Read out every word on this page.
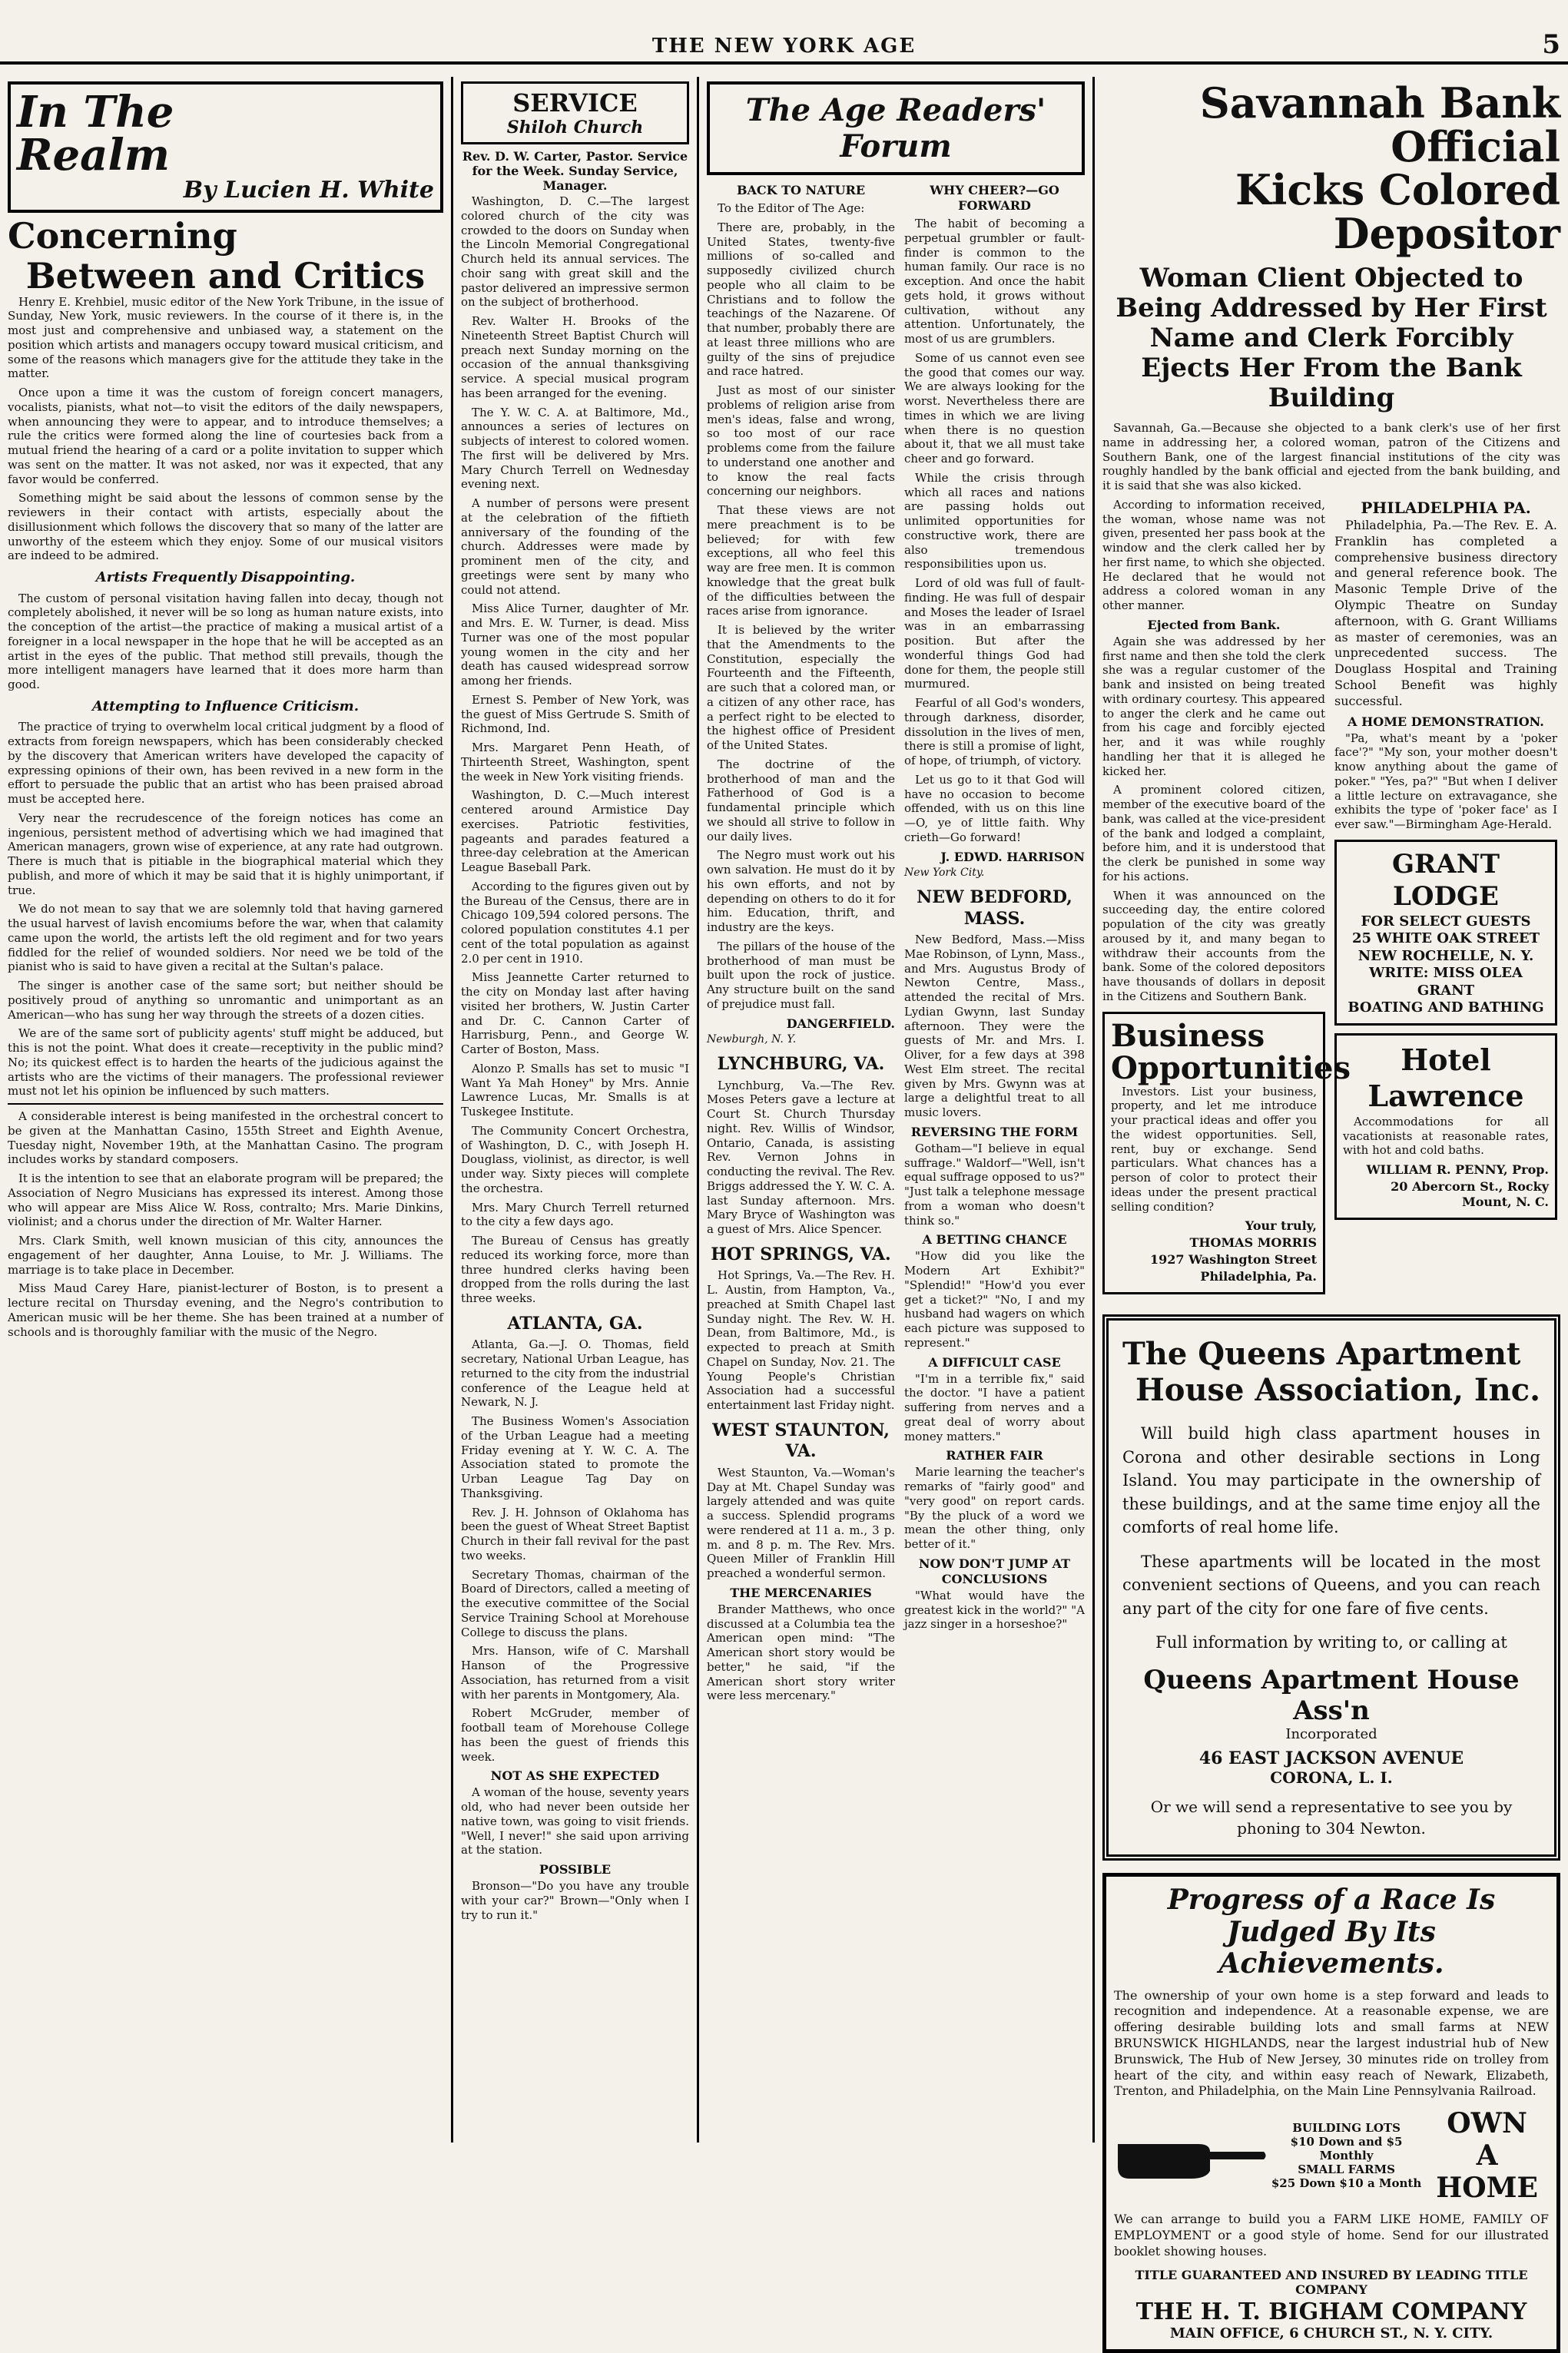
THE NEW YORK AGE	5
In The
Realm
By Lucien H. White
Concerning
Between and Critics

Henry E. Krehbiel, music editor of the New York Tribune, in the issue of Sunday, New York, music reviewers. In the course of it there is, in the most just and comprehensive and unbiased way, a statement on the position which artists and managers occupy toward musical criticism, and some of the reasons which managers give for the attitude they take in the matter.

Once upon a time it was the custom of foreign concert managers, vocalists, pianists, what not—to visit the editors of the daily newspapers, when announcing they were to appear, and to introduce themselves; a rule the critics were formed along the line of courtesies back from a mutual friend the hearing of a card or a polite invitation to supper which was sent on the matter. It was not asked, nor was it expected, that any favor would be conferred.

Something might be said about the lessons of common sense by the reviewers in their contact with artists, especially about the disillusionment which follows the discovery that so many of the latter are unworthy of the esteem which they enjoy. Some of our musical visitors are indeed to be admired.

Artists Frequently Disappointing.

The custom of personal visitation having fallen into decay, though not completely abolished, it never will be so long as human nature exists, into the conception of the artist—the practice of making a musical artist of a foreigner in a local newspaper in the hope that he will be accepted as an artist in the eyes of the public. That method still prevails, though the more intelligent managers have learned that it does more harm than good.

Attempting to Influence Criticism.

The practice of trying to overwhelm local critical judgment by a flood of extracts from foreign newspapers, which has been considerably checked by the discovery that American writers have developed the capacity of expressing opinions of their own, has been revived in a new form in the effort to persuade the public that an artist who has been praised abroad must be accepted here.

Very near the recrudescence of the foreign notices has come an ingenious, persistent method of advertising which we had imagined that American managers, grown wise of experience, at any rate had outgrown. There is much that is pitiable in the biographical material which they publish, and more of which it may be said that it is highly unimportant, if true.

We do not mean to say that we are solemnly told that having garnered the usual harvest of lavish encomiums before the war, when that calamity came upon the world, the artists left the old regiment and for two years fiddled for the relief of wounded soldiers. Nor need we be told of the pianist who is said to have given a recital at the Sultan's palace.

The singer is another case of the same sort; but neither should be positively proud of anything so unromantic and unimportant as an American—who has sung her way through the streets of a dozen cities.

We are of the same sort of publicity agents' stuff might be adduced, but this is not the point. What does it create—receptivity in the public mind? No; its quickest effect is to harden the hearts of the judicious against the artists who are the victims of their managers. The professional reviewer must not let his opinion be influenced by such matters.

A considerable interest is being manifested in the orchestral concert to be given at the Manhattan Casino, 155th Street and Eighth Avenue, Tuesday night, November 19th, at the Manhattan Casino. The program includes works by standard composers.

It is the intention to see that an elaborate program will be prepared; the Association of Negro Musicians has expressed its interest. Among those who will appear are Miss Alice W. Ross, contralto; Mrs. Marie Dinkins, violinist; and a chorus under the direction of Mr. Walter Harner.

Mrs. Clark Smith, well known musician of this city, announces the engagement of her daughter, Anna Louise, to Mr. J. Williams. The marriage is to take place in December.

Miss Maud Carey Hare, pianist-lecturer of Boston, is to present a lecture recital on Thursday evening, and the Negro's contribution to American music will be her theme. She has been trained at a number of schools and is thoroughly familiar with the music of the Negro.

SERVICE
Shiloh Church
Rev. D. W. Carter, Pastor. Service for the Week. Sunday Service, Manager.

Washington, D. C.—The largest colored church of the city was crowded to the doors on Sunday when the Lincoln Memorial Congregational Church held its annual services. The choir sang with great skill and the pastor delivered an impressive sermon on the subject of brotherhood.

Rev. Walter H. Brooks of the Nineteenth Street Baptist Church will preach next Sunday morning on the occasion of the annual thanksgiving service. A special musical program has been arranged for the evening.

The Y. W. C. A. at Baltimore, Md., announces a series of lectures on subjects of interest to colored women. The first will be delivered by Mrs. Mary Church Terrell on Wednesday evening next.

A number of persons were present at the celebration of the fiftieth anniversary of the founding of the church. Addresses were made by prominent men of the city, and greetings were sent by many who could not attend.

Miss Alice Turner, daughter of Mr. and Mrs. E. W. Turner, is dead. Miss Turner was one of the most popular young women in the city and her death has caused widespread sorrow among her friends.

Ernest S. Pember of New York, was the guest of Miss Gertrude S. Smith of Richmond, Ind.

Mrs. Margaret Penn Heath, of Thirteenth Street, Washington, spent the week in New York visiting friends.

Washington, D. C.—Much interest centered around Armistice Day exercises. Patriotic festivities, pageants and parades featured a three-day celebration at the American League Baseball Park.

According to the figures given out by the Bureau of the Census, there are in Chicago 109,594 colored persons. The colored population constitutes 4.1 per cent of the total population as against 2.0 per cent in 1910.

Miss Jeannette Carter returned to the city on Monday last after having visited her brothers, W. Justin Carter and Dr. C. Cannon Carter of Harrisburg, Penn., and George W. Carter of Boston, Mass.

Alonzo P. Smalls has set to music "I Want Ya Mah Honey" by Mrs. Annie Lawrence Lucas, Mr. Smalls is at Tuskegee Institute.

The Community Concert Orchestra, of Washington, D. C., with Joseph H. Douglass, violinist, as director, is well under way. Sixty pieces will complete the orchestra.

Mrs. Mary Church Terrell returned to the city a few days ago.

The Bureau of Census has greatly reduced its working force, more than three hundred clerks having been dropped from the rolls during the last three weeks.

ATLANTA, GA.

Atlanta, Ga.—J. O. Thomas, field secretary, National Urban League, has returned to the city from the industrial conference of the League held at Newark, N. J.

The Business Women's Association of the Urban League had a meeting Friday evening at Y. W. C. A. The Association stated to promote the Urban League Tag Day on Thanksgiving.

Rev. J. H. Johnson of Oklahoma has been the guest of Wheat Street Baptist Church in their fall revival for the past two weeks.

Secretary Thomas, chairman of the Board of Directors, called a meeting of the executive committee of the Social Service Training School at Morehouse College to discuss the plans.

Mrs. Hanson, wife of C. Marshall Hanson of the Progressive Association, has returned from a visit with her parents in Montgomery, Ala.

Robert McGruder, member of football team of Morehouse College has been the guest of friends this week.

NOT AS SHE EXPECTED

A woman of the house, seventy years old, who had never been outside her native town, was going to visit friends. "Well, I never!" she said upon arriving at the station.

POSSIBLE

Bronson—"Do you have any trouble with your car?" Brown—"Only when I try to run it."

The Age Readers' Forum
BACK TO NATURE

To the Editor of The Age:

There are, probably, in the United States, twenty-five millions of so-called and supposedly civilized church people who all claim to be Christians and to follow the teachings of the Nazarene. Of that number, probably there are at least three millions who are guilty of the sins of prejudice and race hatred.

Just as most of our sinister problems of religion arise from men's ideas, false and wrong, so too most of our race problems come from the failure to understand one another and to know the real facts concerning our neighbors.

That these views are not mere preachment is to be believed; for with few exceptions, all who feel this way are free men. It is common knowledge that the great bulk of the difficulties between the races arise from ignorance.

It is believed by the writer that the Amendments to the Constitution, especially the Fourteenth and the Fifteenth, are such that a colored man, or a citizen of any other race, has a perfect right to be elected to the highest office of President of the United States.

The doctrine of the brotherhood of man and the Fatherhood of God is a fundamental principle which we should all strive to follow in our daily lives.

The Negro must work out his own salvation. He must do it by his own efforts, and not by depending on others to do it for him. Education, thrift, and industry are the keys.

The pillars of the house of the brotherhood of man must be built upon the rock of justice. Any structure built on the sand of prejudice must fall.

DANGERFIELD.
Newburgh, N. Y.
LYNCHBURG, VA.

Lynchburg, Va.—The Rev. Moses Peters gave a lecture at Court St. Church Thursday night. Rev. Willis of Windsor, Ontario, Canada, is assisting Rev. Vernon Johns in conducting the revival. The Rev. Briggs addressed the Y. W. C. A. last Sunday afternoon. Mrs. Mary Bryce of Washington was a guest of Mrs. Alice Spencer.

HOT SPRINGS, VA.

Hot Springs, Va.—The Rev. H. L. Austin, from Hampton, Va., preached at Smith Chapel last Sunday night. The Rev. W. H. Dean, from Baltimore, Md., is expected to preach at Smith Chapel on Sunday, Nov. 21. The Young People's Christian Association had a successful entertainment last Friday night.

WEST STAUNTON, VA.

West Staunton, Va.—Woman's Day at Mt. Chapel Sunday was largely attended and was quite a success. Splendid programs were rendered at 11 a. m., 3 p. m. and 8 p. m. The Rev. Mrs. Queen Miller of Franklin Hill preached a wonderful sermon.

THE MERCENARIES

Brander Matthews, who once discussed at a Columbia tea the American open mind: "The American short story would be better," he said, "if the American short story writer were less mercenary."

WHY CHEER?—GO FORWARD

The habit of becoming a perpetual grumbler or fault-finder is common to the human family. Our race is no exception. And once the habit gets hold, it grows without cultivation, without any attention. Unfortunately, the most of us are grumblers.

Some of us cannot even see the good that comes our way. We are always looking for the worst. Nevertheless there are times in which we are living when there is no question about it, that we all must take cheer and go forward.

While the crisis through which all races and nations are passing holds out unlimited opportunities for constructive work, there are also tremendous responsibilities upon us.

Lord of old was full of fault-finding. He was full of despair and Moses the leader of Israel was in an embarrassing position. But after the wonderful things God had done for them, the people still murmured.

Fearful of all God's wonders, through darkness, disorder, dissolution in the lives of men, there is still a promise of light, of hope, of triumph, of victory.

Let us go to it that God will have no occasion to become offended, with us on this line—O, ye of little faith. Why crieth—Go forward!

J. EDWD. HARRISON
New York City.
NEW BEDFORD, MASS.

New Bedford, Mass.—Miss Mae Robinson, of Lynn, Mass., and Mrs. Augustus Brody of Newton Centre, Mass., attended the recital of Mrs. Lydian Gwynn, last Sunday afternoon. They were the guests of Mr. and Mrs. I. Oliver, for a few days at 398 West Elm street. The recital given by Mrs. Gwynn was at large a delightful treat to all music lovers.

REVERSING THE FORM

Gotham—"I believe in equal suffrage." Waldorf—"Well, isn't equal suffrage opposed to us?" "Just talk a telephone message from a woman who doesn't think so."

A BETTING CHANCE

"How did you like the Modern Art Exhibit?" "Splendid!" "How'd you ever get a ticket?" "No, I and my husband had wagers on which each picture was supposed to represent."

A DIFFICULT CASE

"I'm in a terrible fix," said the doctor. "I have a patient suffering from nerves and a great deal of worry about money matters."

RATHER FAIR

Marie learning the teacher's remarks of "fairly good" and "very good" on report cards. "By the pluck of a word we mean the other thing, only better of it."

NOW DON'T JUMP AT CONCLUSIONS

"What would have the greatest kick in the world?" "A jazz singer in a horseshoe?"

Savannah Bank Official
Kicks Colored Depositor
Woman Client Objected to Being Addressed by Her First Name and Clerk Forcibly Ejects Her From the Bank Building

Savannah, Ga.—Because she objected to a bank clerk's use of her first name in addressing her, a colored woman, patron of the Citizens and Southern Bank, one of the largest financial institutions of the city was roughly handled by the bank official and ejected from the bank building, and it is said that she was also kicked.

According to information received, the woman, whose name was not given, presented her pass book at the window and the clerk called her by her first name, to which she objected. He declared that he would not address a colored woman in any other manner.

Ejected from Bank.

Again she was addressed by her first name and then she told the clerk she was a regular customer of the bank and insisted on being treated with ordinary courtesy. This appeared to anger the clerk and he came out from his cage and forcibly ejected her, and it was while roughly handling her that it is alleged he kicked her.

A prominent colored citizen, member of the executive board of the bank, was called at the vice-president of the bank and lodged a complaint, before him, and it is understood that the clerk be punished in some way for his actions.

When it was announced on the succeeding day, the entire colored population of the city was greatly aroused by it, and many began to withdraw their accounts from the bank. Some of the colored depositors have thousands of dollars in deposit in the Citizens and Southern Bank.

Business
Opportunities

Investors. List your business, property, and let me introduce your practical ideas and offer you the widest opportunities. Sell, rent, buy or exchange. Send particulars. What chances has a person of color to protect their ideas under the present practical selling condition?

Your truly,
THOMAS MORRIS
1927 Washington Street
Philadelphia, Pa.
PHILADELPHIA PA.

Philadelphia, Pa.—The Rev. E. A. Franklin has completed a comprehensive business directory and general reference book. The Masonic Temple Drive of the Olympic Theatre on Sunday afternoon, with G. Grant Williams as master of ceremonies, was an unprecedented success. The Douglass Hospital and Training School Benefit was highly successful.

A HOME DEMONSTRATION.

"Pa, what's meant by a 'poker face'?" "My son, your mother doesn't know anything about the game of poker." "Yes, pa?" "But when I deliver a little lecture on extravagance, she exhibits the type of 'poker face' as I ever saw."—Birmingham Age-Herald.

GRANT LODGE
FOR SELECT GUESTS
25 WHITE OAK STREET
NEW ROCHELLE, N. Y.
WRITE: MISS OLEA GRANT
BOATING AND BATHING
Hotel Lawrence

Accommodations for all vacationists at reasonable rates, with hot and cold baths.

WILLIAM R. PENNY, Prop.
20 Abercorn St., Rocky Mount, N. C.
The Queens Apartment
House Association, Inc.
Will build high class apartment houses in Corona and other desirable sections in Long Island. You may participate in the ownership of these buildings, and at the same time enjoy all the comforts of real home life.
These apartments will be located in the most convenient sections of Queens, and you can reach any part of the city for one fare of five cents.
Full information by writing to, or calling at
Queens Apartment House Ass'n
Incorporated
46 EAST JACKSON AVENUE
CORONA, L. I.
Or we will send a representative to see you by phoning to 304 Newton.
Progress of a Race Is Judged By Its Achievements.
The ownership of your own home is a step forward and leads to recognition and independence. At a reasonable expense, we are offering desirable building lots and small farms at NEW BRUNSWICK HIGHLANDS, near the largest industrial hub of New Brunswick, The Hub of New Jersey, 30 minutes ride on trolley from heart of the city, and within easy reach of Newark, Elizabeth, Trenton, and Philadelphia, on the Main Line Pennsylvania Railroad.
BUILDING LOTS
$10 Down and $5 Monthly
SMALL FARMS
$25 Down $10 a Month
OWN
A HOME
We can arrange to build you a FARM LIKE HOME, FAMILY OF EMPLOYMENT or a good style of home. Send for our illustrated booklet showing houses.
TITLE GUARANTEED AND INSURED BY LEADING TITLE COMPANY
THE H. T. BIGHAM COMPANY
MAIN OFFICE, 6 CHURCH ST., N. Y. CITY.
